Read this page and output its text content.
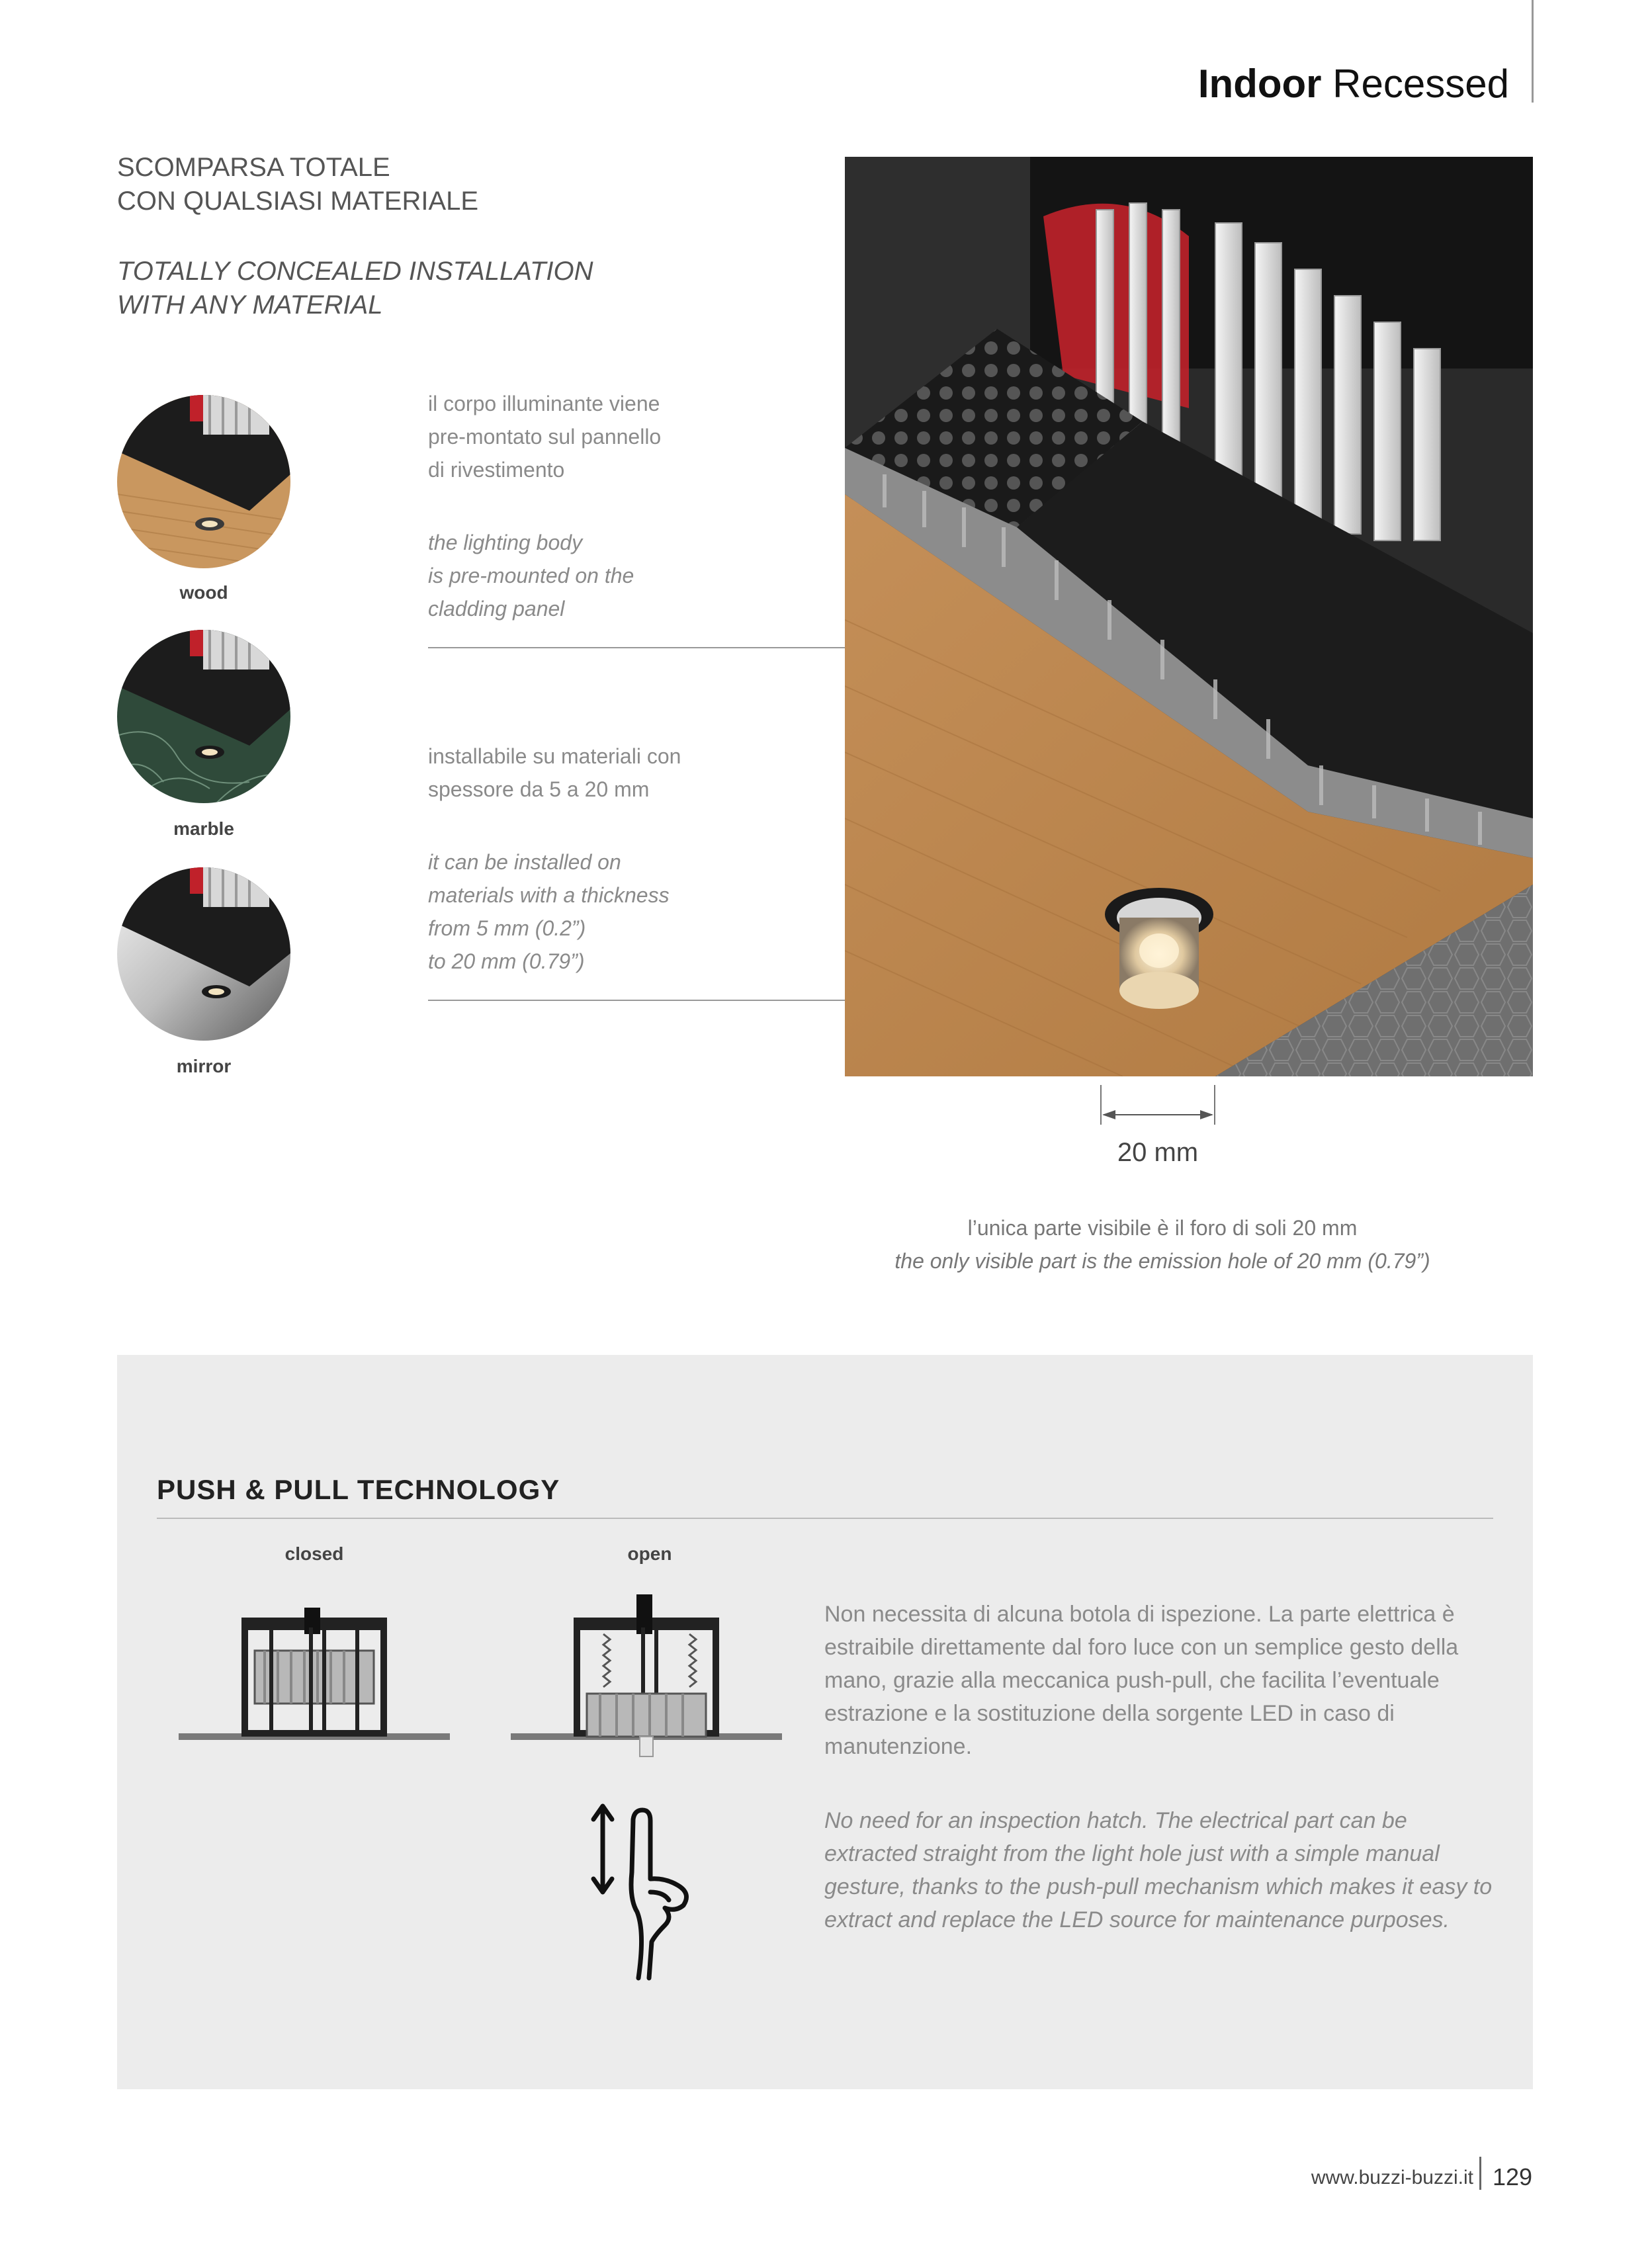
Indoor Recessed
SCOMPARSA TOTALE
CON QUALSIASI MATERIALE
TOTALLY CONCEALED INSTALLATION
WITH ANY MATERIAL
wood
marble
mirror
il corpo illuminante viene
pre-montato sul pannello
di rivestimento
the lighting body
is pre-mounted on the
cladding panel
installabile su materiali con
spessore da 5 a 20 mm
it can be installed on
materials with a thickness
from 5 mm (0.2”)
to 20 mm (0.79”)
20 mm
l’unica parte visibile è il foro di soli 20 mm
the only visible part is the emission hole of 20 mm (0.79”)
PUSH & PULL TECHNOLOGY
closed	open
Non necessita di alcuna botola di ispezione. La parte elettrica è estraibile direttamente dal foro luce con un semplice gesto della mano, grazie alla meccanica push-pull, che facilita l’eventuale estrazione e la sostituzione della sorgente LED in caso di manutenzione.
No need for an inspection hatch. The electrical part can be extracted straight from the light hole just with a simple manual gesture, thanks to the push-pull mechanism which makes it easy to extract and replace the LED source for maintenance purposes.
www.buzzi-buzzi.it 129
